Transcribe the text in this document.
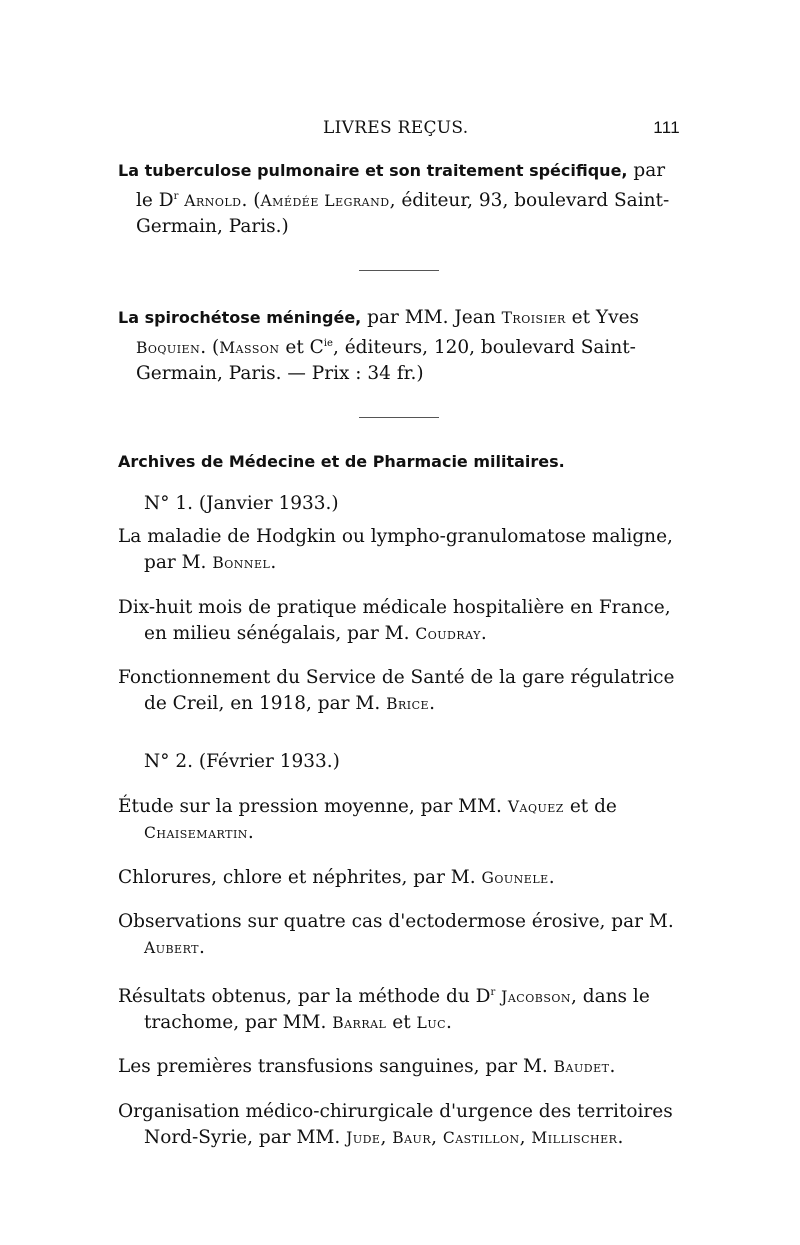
LIVRES REÇUS.	111

La tuberculose pulmonaire et son traitement spécifique, par le $D^r$ Arnold. (Amédée Legrand, éditeur, 93, boulevard Saint-Germain, Paris.)

La spirochétose méningée, par MM. Jean Troisier et Yves Boquien. (Masson et $C^{ie}$, éditeurs, 120, boulevard Saint-Germain, Paris. — Prix : 34 fr.)

Archives de Médecine et de Pharmacie militaires.
N° 1. (Janvier 1933.)

La maladie de Hodgkin ou lympho-granulomatose maligne, par M. Bonnel.

Dix-huit mois de pratique médicale hospitalière en France, en milieu sénégalais, par M. Coudray.

Fonctionnement du Service de Santé de la gare régulatrice de Creil, en 1918, par M. Brice.

N° 2. (Février 1933.)

Étude sur la pression moyenne, par MM. Vaquez et de Chaisemartin.

Chlorures, chlore et néphrites, par M. Gounele.

Observations sur quatre cas d'ectodermose érosive, par M. Aubert.

Résultats obtenus, par la méthode du $D^r$ Jacobson, dans le trachome, par MM. Barral et Luc.

Les premières transfusions sanguines, par M. Baudet.

Organisation médico-chirurgicale d'urgence des territoires Nord-Syrie, par MM. Jude, Baur, Castillon, Millischer.
